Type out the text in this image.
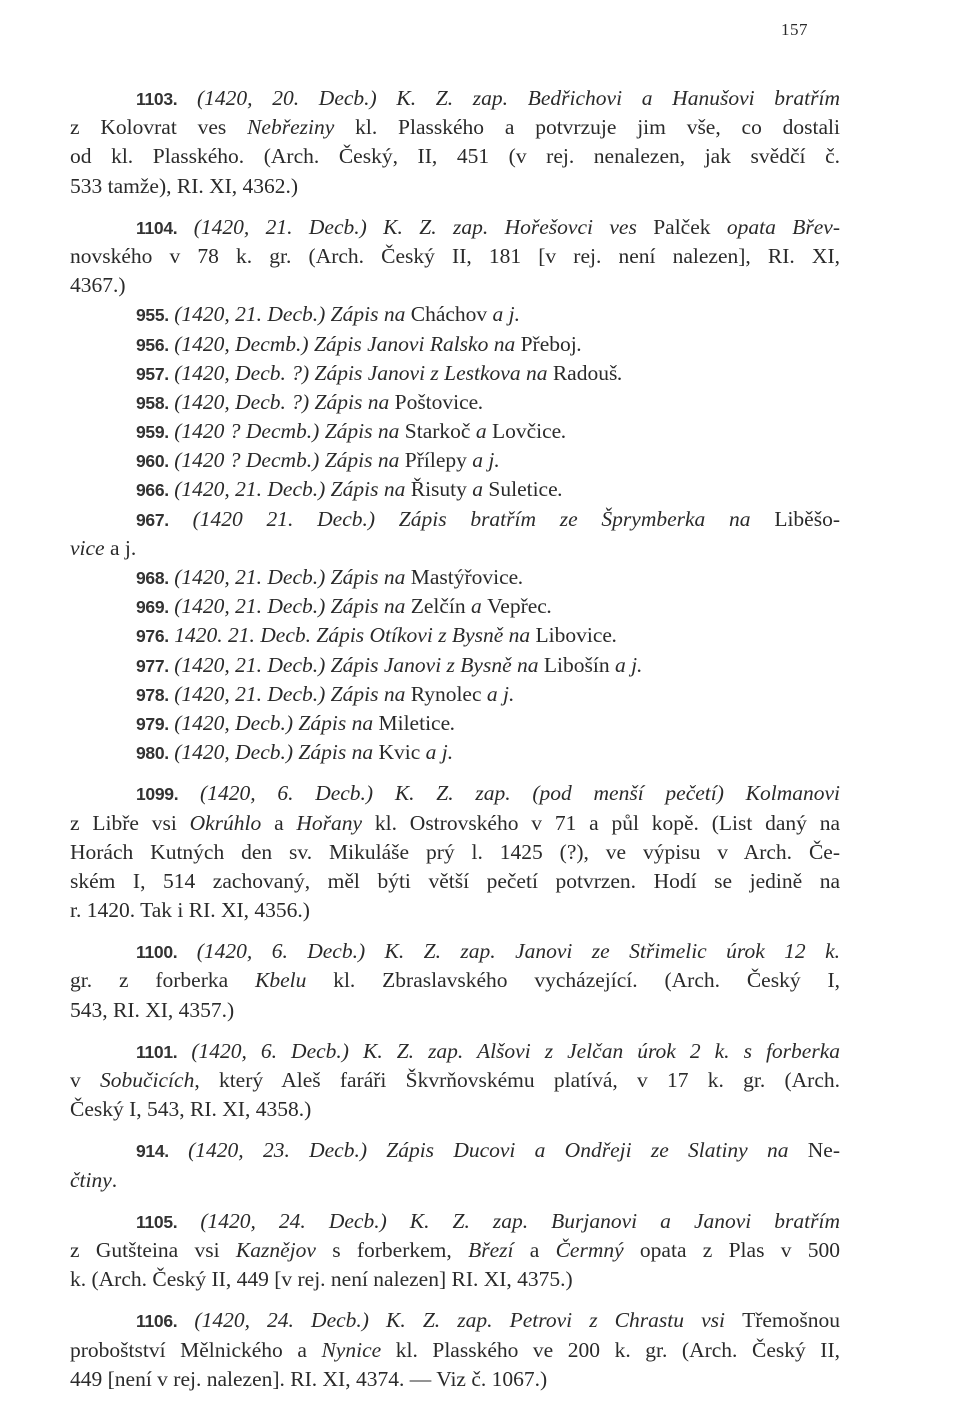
157
1103. (1420, 20. Decb.) K. Z. zap. Bedřichovi a Hanušovi bratřím
z Kolovrat ves Nebřeziny kl. Plasského a potvrzuje jim vše, co dostali
od kl. Plasského. (Arch. Český, II, 451 (v rej. nenalezen, jak svědčí č.
533 tamže), RI. XI, 4362.)
1104. (1420, 21. Decb.) K. Z. zap. Hořešovci ves Palček opata Břev-
novského v 78 k. gr. (Arch. Český II, 181 [v rej. není nalezen], RI. XI,
4367.)
955. (1420, 21. Decb.) Zápis na Cháchov a j.
956. (1420, Decmb.) Zápis Janovi Ralsko na Přeboj.
957. (1420, Decb. ?) Zápis Janovi z Lestkova na Radouš.
958. (1420, Decb. ?) Zápis na Poštovice.
959. (1420 ? Decmb.) Zápis na Starkoč a Lovčice.
960. (1420 ? Decmb.) Zápis na Přílepy a j.
966. (1420, 21. Decb.) Zápis na Řisuty a Suletice.
967. (1420 21. Decb.) Zápis bratřím ze Šprymberka na Liběšo-
vice a j.
968. (1420, 21. Decb.) Zápis na Mastýřovice.
969. (1420, 21. Decb.) Zápis na Zelčín a Vepřec.
976. 1420. 21. Decb. Zápis Otíkovi z Bysně na Libovice.
977. (1420, 21. Decb.) Zápis Janovi z Bysně na Libošín a j.
978. (1420, 21. Decb.) Zápis na Rynolec a j.
979. (1420, Decb.) Zápis na Miletice.
980. (1420, Decb.) Zápis na Kvic a j.
1099. (1420, 6. Decb.) K. Z. zap. (pod menší pečetí) Kolmanovi
z Libře vsi Okrúhlo a Hořany kl. Ostrovského v 71 a půl kopě. (List daný na
Horách Kutných den sv. Mikuláše prý l. 1425 (?), ve výpisu v Arch. Če-
ském I, 514 zachovaný, měl býti větší pečetí potvrzen. Hodí se jedině na
r. 1420. Tak i RI. XI, 4356.)
1100. (1420, 6. Decb.) K. Z. zap. Janovi ze Střimelic úrok 12 k.
gr. z forberka Kbelu kl. Zbraslavského vycházející. (Arch. Český I,
543, RI. XI, 4357.)
1101. (1420, 6. Decb.) K. Z. zap. Alšovi z Jelčan úrok 2 k. s forberka
v Sobučicích, který Aleš faráři Škvrňovskému platívá, v 17 k. gr. (Arch.
Český I, 543, RI. XI, 4358.)
914. (1420, 23. Decb.) Zápis Ducovi a Ondřeji ze Slatiny na Ne-
čtiny.
1105. (1420, 24. Decb.) K. Z. zap. Burjanovi a Janovi bratřím
z Gutšteina vsi Kaznějov s forberkem, Březí a Čermný opata z Plas v 500
k. (Arch. Český II, 449 [v rej. není nalezen] RI. XI, 4375.)
1106. (1420, 24. Decb.) K. Z. zap. Petrovi z Chrastu vsi Třemošnou
proboštství Mělnického a Nynice kl. Plasského ve 200 k. gr. (Arch. Český II,
449 [není v rej. nalezen]. RI. XI, 4374. — Viz č. 1067.)
